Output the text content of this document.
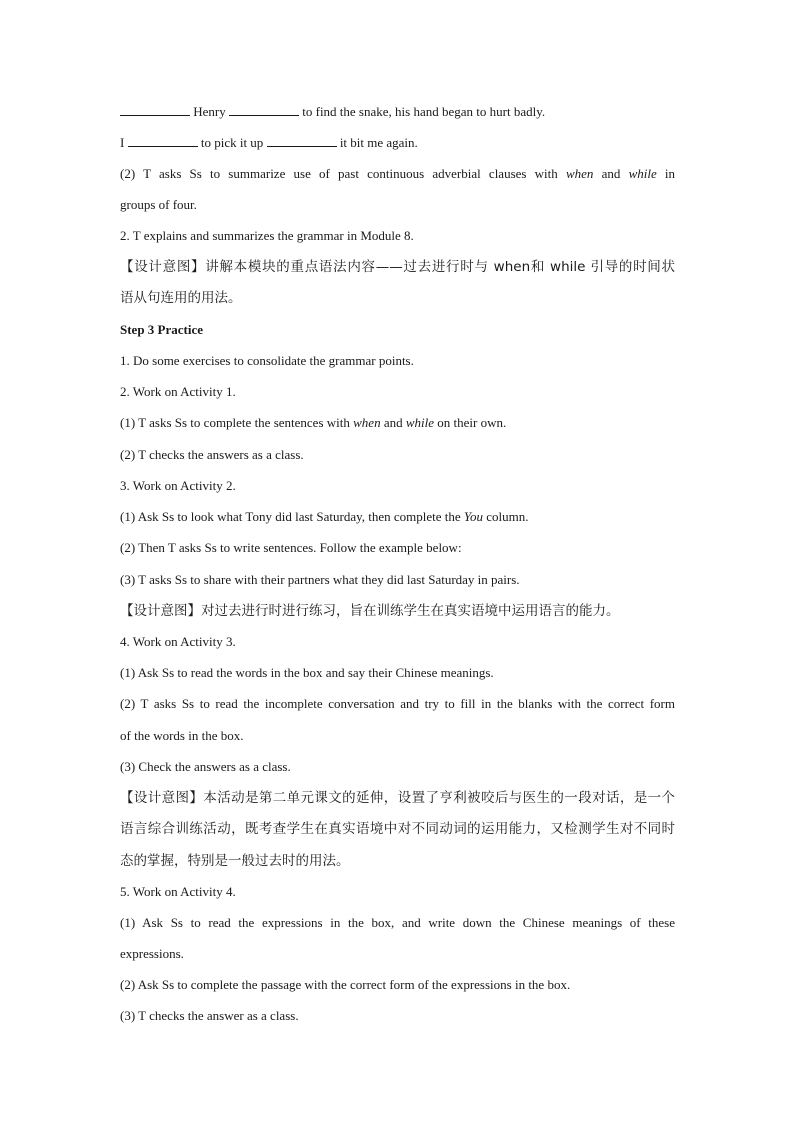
Henry	to find the snake, his hand began to hurt badly.
I	to pick it up	it bit me again.
(2) T asks Ss to summarize use of past continuous adverbial clauses with when and while in
groups of four.
2. T explains and summarizes the grammar in Module 8.
【设计意图】讲解本模块的重点语法内容——过去进行时与 when和 while 引导的时间状
语从句连用的用法。
Step 3 Practice
1. Do some exercises to consolidate the grammar points.
2. Work on Activity 1.
(1) T asks Ss to complete the sentences with when and while on their own.
(2) T checks the answers as a class.
3. Work on Activity 2.
(1) Ask Ss to look what Tony did last Saturday, then complete the You column.
(2) Then T asks Ss to write sentences. Follow the example below:
(3) T asks Ss to share with their partners what they did last Saturday in pairs.
【设计意图】对过去进行时进行练习，旨在训练学生在真实语境中运用语言的能力。
4. Work on Activity 3.
(1) Ask Ss to read the words in the box and say their Chinese meanings.
(2) T asks Ss to read the incomplete conversation and try to fill in the blanks with the correct form
of the words in the box.
(3) Check the answers as a class.
【设计意图】本活动是第二单元课文的延伸，设置了亨利被咬后与医生的一段对话，是一个
语言综合训练活动，既考查学生在真实语境中对不同动词的运用能力，又检测学生对不同时
态的掌握，特别是一般过去时的用法。
5. Work on Activity 4.
(1) Ask Ss to read the expressions in the box, and write down the Chinese meanings of these
expressions.
(2) Ask Ss to complete the passage with the correct form of the expressions in the box.
(3) T checks the answer as a class.
